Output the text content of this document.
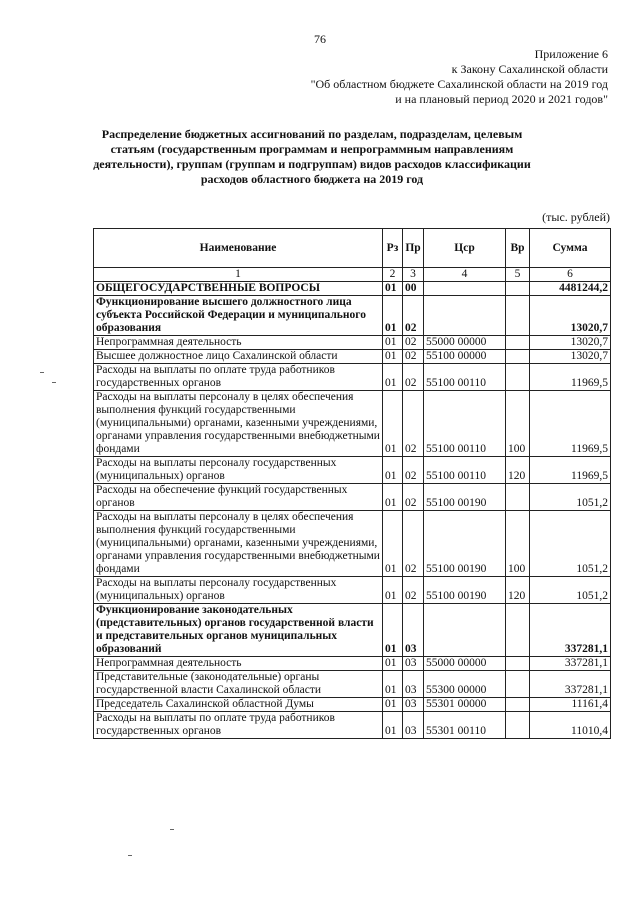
76
Приложение 6
к Закону Сахалинской области
"Об областном бюджете Сахалинской области на 2019 год
и на плановый период 2020 и 2021 годов"
Распределение бюджетных ассигнований по разделам, подразделам, целевым статьям (государственным программам и непрограммным направлениям деятельности), группам (группам и подгруппам) видов расходов классификации расходов областного бюджета на 2019 год
(тыс. рублей)
Наименование	Рз	Пр	Цср	Вр	Сумма
1	2	3	4	5	6
ОБЩЕГОСУДАРСТВЕННЫЕ ВОПРОСЫ	01	00			4481244,2
Функционирование высшего должностного лица субъекта Российской Федерации и муниципального образования	01	02			13020,7
Непрограммная деятельность	01	02	55000 00000		13020,7
Высшее должностное лицо Сахалинской области	01	02	55100 00000		13020,7
Расходы на выплаты по оплате труда работников государственных органов	01	02	55100 00110		11969,5
Расходы на выплаты персоналу в целях обеспечения выполнения функций государственными (муниципальными) органами, казенными учреждениями, органами управления государственными внебюджетными фондами	01	02	55100 00110	100	11969,5
Расходы на выплаты персоналу государственных (муниципальных) органов	01	02	55100 00110	120	11969,5
Расходы на обеспечение функций государственных органов	01	02	55100 00190		1051,2
Расходы на выплаты персоналу в целях обеспечения выполнения функций государственными (муниципальными) органами, казенными учреждениями, органами управления государственными внебюджетными фондами	01	02	55100 00190	100	1051,2
Расходы на выплаты персоналу государственных (муниципальных) органов	01	02	55100 00190	120	1051,2
Функционирование законодательных (представительных) органов государственной власти и представительных органов муниципальных образований	01	03			337281,1
Непрограммная деятельность	01	03	55000 00000		337281,1
Представительные (законодательные) органы государственной власти Сахалинской области	01	03	55300 00000		337281,1
Председатель Сахалинской областной Думы	01	03	55301 00000		11161,4
Расходы на выплаты по оплате труда работников государственных органов	01	03	55301 00110		11010,4
